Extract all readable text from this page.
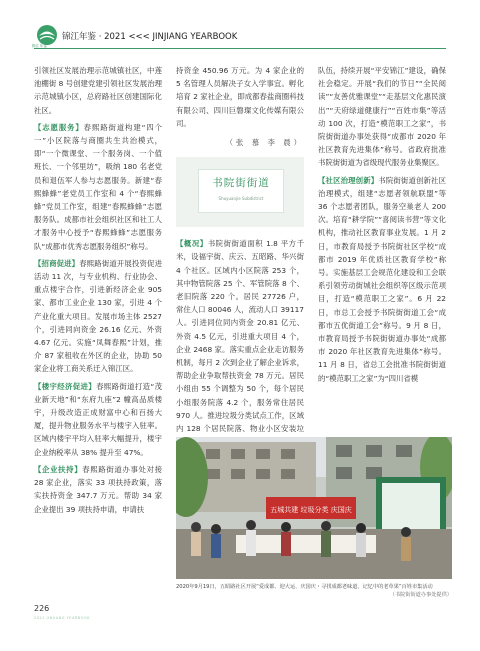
锦江年鉴
锦江年鉴 · 2021 <<< JINJIANG YEARBOOK

引领社区发展治理示范城镇社区，中莲池棚街 8 号创建党建引领社区发展治理示范城镇小区，总府路社区创建国际化社区。

【志愿服务】春熙路街道构建“四个一”小区院落与商圈共生共治模式，即“一个微课堂、一个服务岗、一个值班长、一个邻里坊”，吸纳 180 名老党员和退伍军人参与志愿服务。新建“春熙蜂蜂”老党员工作室和 4 个“春熙蜂蜂”党员工作室，组建“春熙蜂蜂”志愿服务队。成都市社会组织社区和社工人才服务中心授予“春熙蜂蜂”志愿服务队“成都市优秀志愿服务组织”称号。

【招商促进】春熙路街道开展投资促进活动 11 次，与专业机构、行业协会、重点楼宇合作，引进新经济企业 905 家、都市工业企业 130 家，引进 4 个产业化重大项目。发展市场主体 2527 个，引进同向资金 26.16 亿元、外资 4.67 亿元。实施“凤舞春熙”计划，推介 87 家租收在外区的企业，协助 50 家企业将工商关系迁入锦江区。

【楼宇经济促进】春熙路街道打造“茂业新天地”和“东府九座”2 幢高品质楼宇，升级改造正成财富中心和百扬大厦，提升物业服务水平与楼宇入驻率。区域内楼宇平均入驻率大幅提升，楼宇企业纳税率从 38% 提升至 47%。

【企业扶持】春熙路街道办事处对接 28 家企业，落实 33 项扶持政策，落实扶持资金 347.7 万元。帮助 34 家企业提出 39 项扶持申请，申请扶

持资金 450.96 万元。为 4 家企业的 5 名管理人员解决子女入学事宜。孵化培育 2 家社企业，即成都春盐商圈科技有限公司、四川巨磐璨文化传媒有限公司。

（张 慕 李 晨）
书院街街道
Shuyuanjie Subdistrict

【概况】书院街街道面积 1.8 平方千米，设福宇街、庆云、五昭路、华兴街 4 个社区。区域内小区院落 253 个，其中物管院落 25 个、军管院落 8 个、老旧院落 220 个。居民 27726 户，常住人口 80046 人，流动人口 39117 人。引进同位同内资金 20.81 亿元、外资 4.5 亿元，引进重大项目 4 个，企业 2468 家。落实重点企业走访服务机制，每月 2 次到企业了解企业诉求，帮助企业争取帮扶资金 78 万元。居民小组由 55 个调整为 50 个，每个居民小组服务院落 4.2 个，服务常住居民 970 人。推进垃圾分类试点工作，区域内 128 个居民院落、物业小区安装垃

队伍，持续开展“平安锦江”建设，确保社会稳定。开展“我们的节日”“全民阅读”“友善优雅课堂”“走基层文化惠民演出”“天府绿道健康行”“百姓市集”等活动 100 次，打造“模范职工之家”，书院街街道办事处获得“成都市 2020 年社区教育先进集体”称号。省政府批准书院街街道为省级现代服务业集聚区。

【社区治理创新】书院街街道创新社区治理模式，组建“志愿者领航联盟”等 36 个志愿者团队，服务空巢老人 200 次。培育“耕学院”“喜阅读书营”等文化机构，推动社区教育事业发展。1 月 2 日，市教育局授予书院街社区学校“成都市 2019 年优质社区教育学校”称号。实施基层工会规范化建设和工会联系引领劳动街城社会组织等区级示范项目，打造“模范职工之家”。6 月 22 日，市总工会授予书院街街道工会“成都市五优街道工会”称号。9 月 8 日，市教育局授予书院街街道办事处“成都市 2020 年社区教育先进集体”称号。11 月 8 日，省总工会批准书院街街道的“模范职工之家”为“四川省模

五城共建 垃圾分类 庆国庆
2020年9月19日，五昭路社区开展“爱成都、迎大运、庆国庆・寻找成都老味道，记忆中的老草果”百姓市集活动
（书院街街道办事处提供）
226
2021 JINJIANG YEARBOOK
